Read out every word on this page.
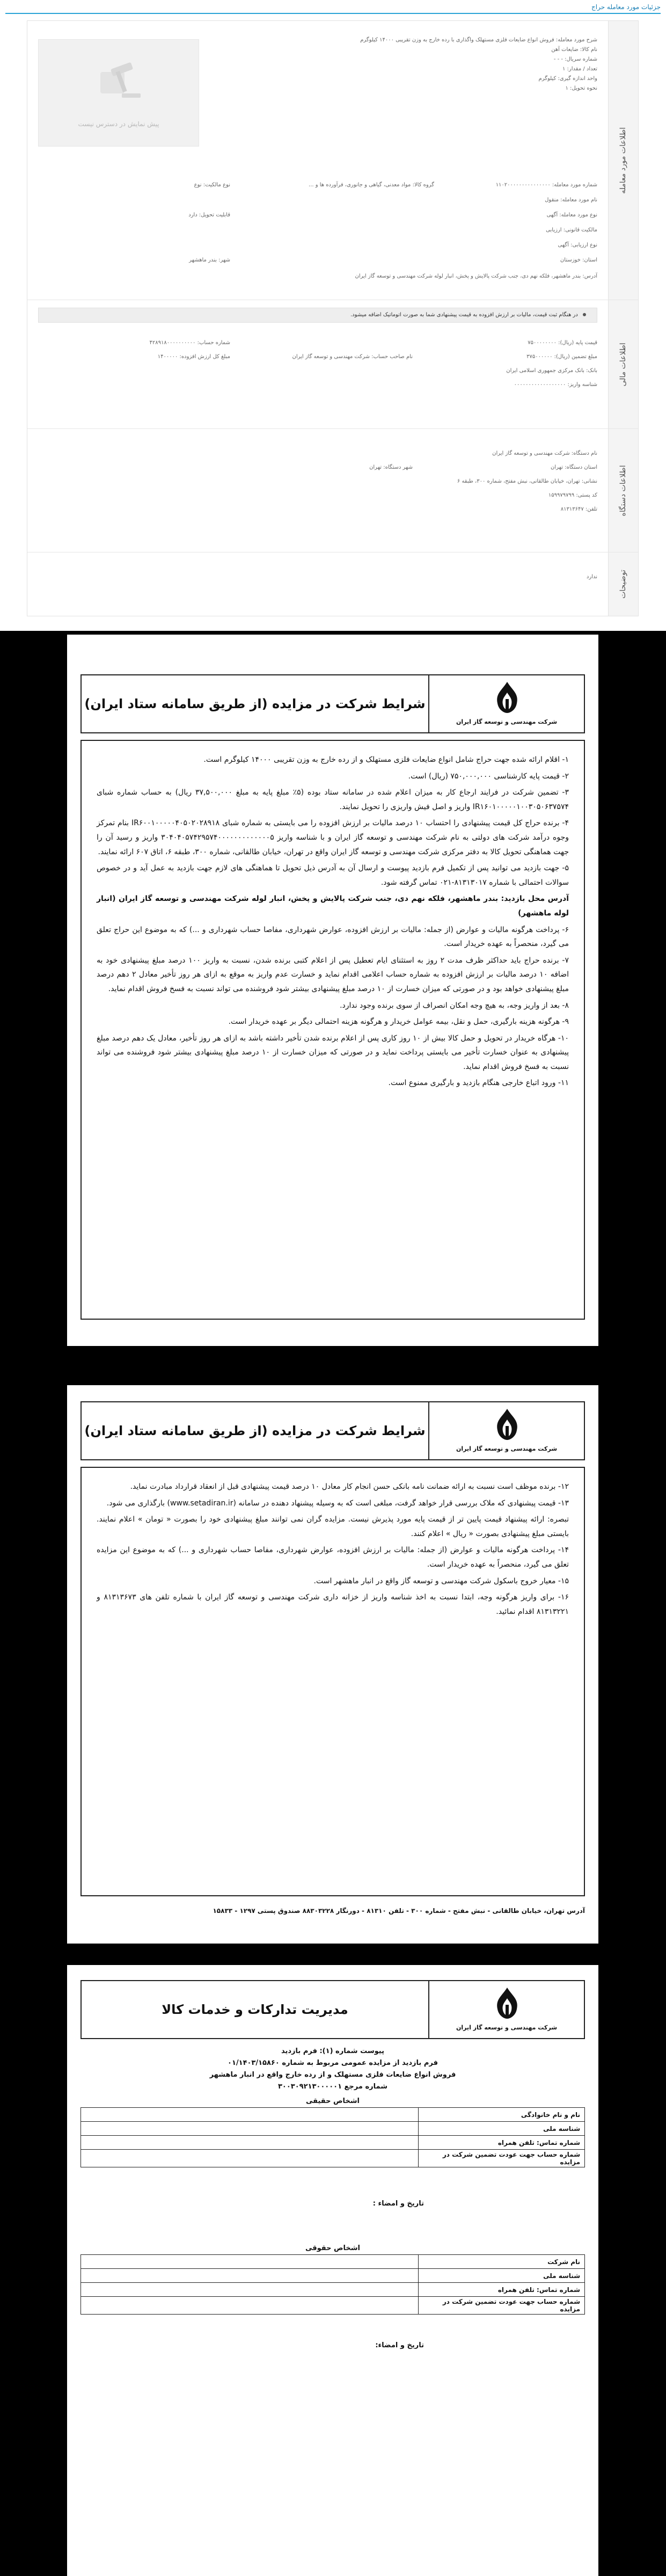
جزئیات مورد معامله حراج
اطلاعات مورد معامله
پیش نمایش در دسترس نیست
شرح مورد معامله: فروش انواع ضایعات فلزی مستهلک واگذاری با رده خارج به وزن تقریبی ۱۴۰۰۰ کیلوگرم
نام کالا: ضایعات آهن
شماره سریال: - - -
تعداد / مقدار: ۱
واحد اندازه گیری: کیلوگرم
نحوه تحویل: ۱
شماره مورد معامله: ۱۱۰۲۰۰۰۰۰۰۰۰۰۰۰۰۰۰۰
نام مورد معامله: منقول
نوع مورد معامله: آگهی
گروه کالا: مواد معدنی، گیاهی و جانوری، فرآورده ها و ...
نوع مالکیت: نوع
قابلیت تحویل: دارد
مالکیت قانونی: ارزیابی
نوع ارزیابی: آگهی
استان: خوزستان
شهر: بندر ماهشهر
آدرس: بندر ماهشهر، فلکه نهم دی، جنب شرکت پالایش و پخش، انبار لوله شرکت مهندسی و توسعه گاز ایران
اطلاعات مالی
در هنگام ثبت قیمت، مالیات بر ارزش افزوده به قیمت پیشنهادی شما به صورت اتوماتیک اضافه میشود.
قیمت پایه (ریال): ۷۵۰۰۰۰۰۰۰۰
مبلغ تضمین (ریال): ۳۷۵۰۰۰۰۰۰
شماره حساب: ۴۲۸۹۱۸۰۰۰۰۰۰۰۰۰۰
نام صاحب حساب: شرکت مهندسی و توسعه گاز ایران
بانک: بانک مرکزی جمهوری اسلامی ایران
مبلغ کل ارزش افزوده: ۱۴۰۰۰۰۰
شناسه واریز: ۰۰۰۰۰۰۰۰۰۰۰۰۰۰۰۰۰۰
اطلاعات دستگاه
نام دستگاه: شرکت مهندسی و توسعه گاز ایران
استان دستگاه: تهران
نشانی: تهران، خیابان طالقانی، نبش مفتح، شماره ۳۰۰، طبقه ۶
شهر دستگاه: تهران
کد پستی: ۱۵۹۹۷۹۷۹۹
تلفن: ۸۱۳۱۳۶۴۷
توضیحات
ندارد
شرکت مهندسی و توسعه گاز ایران
شرایط شرکت در مزایده (از طریق سامانه ستاد ایران)

۱- اقلام ارائه شده جهت حراج شامل انواع ضایعات فلزی مستهلک و از رده خارج به وزن تقریبی ۱۴۰۰۰ کیلوگرم است.

۲- قیمت پایه کارشناسی ۷۵۰,۰۰۰,۰۰۰ (ریال) است.

۳- تضمین شرکت در فرایند ارجاع کار به میزان اعلام شده در سامانه ستاد بوده (۵٪ مبلغ پایه به مبلغ ۳۷,۵۰۰,۰۰۰ ریال) به حساب شماره شبای IR۱۶۰۱۰۰۰۰۰۱۰۰۳۰۵۰۶۳۷۵۷۴ واریز و اصل فیش واریزی را تحویل نمایند.

۴- برنده حراج کل قیمت پیشنهادی را احتساب ۱۰ درصد مالیات بر ارزش افزوده را می بایستی به شماره شبای IR۶۰۰۱۰۰۰۰۰۴۰۵۰۲۰۲۸۹۱۸ بنام تمرکز وجوه درآمد شرکت های دولتی به نام شرکت مهندسی و توسعه گاز ایران و با شناسه واریز ۳۰۴۰۴۰۵۷۴۲۹۵۷۴۰۰۰۰۰۰۰۰۰۰۰۰۰۵ واریز و رسید آن را جهت هماهنگی تحویل کالا به دفتر مرکزی شرکت مهندسی و توسعه گاز ایران واقع در تهران، خیابان طالقانی، شماره ۳۰۰، طبقه ۶، اتاق ۶۰۷ ارائه نمایند.

۵- جهت بازدید می توانید پس از تکمیل فرم بازدید پیوست و ارسال آن به آدرس ذیل تحویل تا هماهنگی های لازم جهت بازدید به عمل آید و در خصوص سوالات احتمالی با شماره ۸۱۳۱۳۰۱۷-۰۲۱ تماس گرفته شود.

آدرس محل بازدید: بندر ماهشهر، فلکه نهم دی، جنب شرکت پالایش و پخش، انبار لوله شرکت مهندسی و توسعه گاز ایران (انبار لوله ماهشهر)

۶- پرداخت هرگونه مالیات و عوارض (از جمله: مالیات بر ارزش افزوده، عوارض شهرداری، مفاصا حساب شهرداری و ...) که به موضوع این حراج تعلق می گیرد، منحصراً به عهده خریدار است.

۷- برنده حراج باید حداکثر ظرف مدت ۲ روز به استثنای ایام تعطیل پس از اعلام کتبی برنده شدن، نسبت به واریز ۱۰۰ درصد مبلغ پیشنهادی خود به اضافه ۱۰ درصد مالیات بر ارزش افزوده به شماره حساب اعلامی اقدام نماید و خسارت عدم واریز به موقع به ازای هر روز تأخیر معادل ۲ دهم درصد مبلغ پیشنهادی خواهد بود و در صورتی که میزان خسارت از ۱۰ درصد مبلغ پیشنهادی بیشتر شود فروشنده می تواند نسبت به فسخ فروش اقدام نماید.

۸- بعد از واریز وجه، به هیچ وجه امکان انصراف از سوی برنده وجود ندارد.

۹- هرگونه هزینه بارگیری، حمل و نقل، بیمه عوامل خریدار و هرگونه هزینه احتمالی دیگر بر عهده خریدار است.

۱۰- هرگاه خریدار در تحویل و حمل کالا بیش از ۱۰ روز کاری پس از اعلام برنده شدن تأخیر داشته باشد به ازای هر روز تأخیر، معادل یک دهم درصد مبلغ پیشنهادی به عنوان خسارت تأخیر می بایستی پرداخت نماید و در صورتی که میزان خسارت از ۱۰ درصد مبلغ پیشنهادی بیشتر شود فروشنده می تواند نسبت به فسخ فروش اقدام نماید.

۱۱- ورود اتباع خارجی هنگام بازدید و بارگیری ممنوع است.

شرکت مهندسی و توسعه گاز ایران
شرایط شرکت در مزایده (از طریق سامانه ستاد ایران)

۱۲- برنده موظف است نسبت به ارائه ضمانت نامه بانکی حسن انجام کار معادل ۱۰ درصد قیمت پیشنهادی قبل از انعقاد قرارداد مبادرت نماید.

۱۳- قیمت پیشنهادی که ملاک بررسی قرار خواهد گرفت، مبلغی است که به وسیله پیشنهاد دهنده در سامانه (www.setadiran.ir) بارگذاری می شود.

تبصره: ارائه پیشنهاد قیمت پایین تر از قیمت پایه مورد پذیرش نیست. مزایده گران نمی توانند مبلغ پیشنهادی خود را بصورت « تومان » اعلام نمایند. بایستی مبلغ پیشنهادی بصورت « ریال » اعلام کنند.

۱۴- پرداخت هرگونه مالیات و عوارض (از جمله: مالیات بر ارزش افزوده، عوارض شهرداری، مفاصا حساب شهرداری و ...) که به موضوع این مزایده تعلق می گیرد، منحصراً به عهده خریدار است.

۱۵- معیار خروج باسکول شرکت مهندسی و توسعه گاز واقع در انبار ماهشهر است.

۱۶- برای واریز هرگونه وجه، ابتدا نسبت به اخذ شناسه واریز از خزانه داری شرکت مهندسی و توسعه گاز ایران با شماره تلفن های ۸۱۳۱۳۶۷۳ و ۸۱۳۱۳۲۲۱ اقدام نمائید.

آدرس تهران، خیابان طالقانی - نبش مفتح - شماره ۳۰۰ - تلفن ۸۱۳۱۰ - دورنگار ۸۸۳۰۳۲۲۸ صندوق پستی ۱۲۹۷ - ۱۵۸۳۳
شرکت مهندسی و توسعه گاز ایران
مدیریت تدارکات و خدمات کالا
پیوست شماره (۱): فرم بازدید
فرم بازدید از مزایده عمومی مربوط به شماره ۰۱/۱۴۰۳/۱۵۸۶۰
فروش انواع ضایعات فلزی مستهلک و از رده خارج واقع در انبار ماهشهر
شماره مرجع ۳۰۰۳۰۹۲۱۳۰۰۰۰۰۱
اشخاص حقیقی
نام و نام خانوادگی	
شناسه ملی	
شماره تماس: تلفن همراه	
شماره حساب جهت عودت تضمین شرکت در مزایده	
تاریخ و امضاء :
اشخاص حقوقی
نام شرکت	
شناسه ملی	
شماره تماس: تلفن همراه	
شماره حساب جهت عودت تضمین شرکت در مزایده	
تاریخ و امضاء:
